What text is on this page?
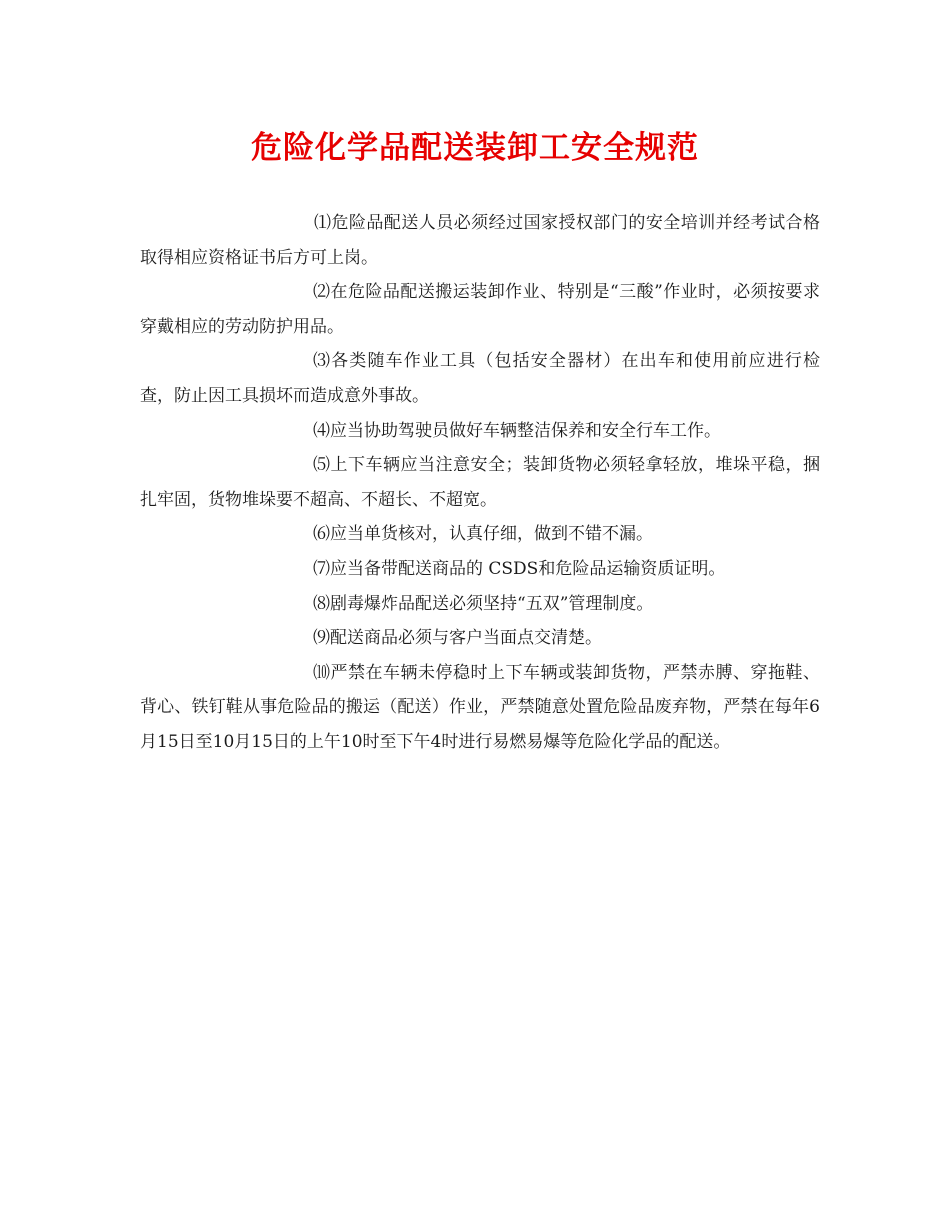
危险化学品配送装卸工安全规范

⑴危险品配送人员必须经过国家授权部门的安全培训并经考试合格取得相应资格证书后方可上岗。

⑵在危险品配送搬运装卸作业、特别是“三酸”作业时，必须按要求穿戴相应的劳动防护用品。

⑶各类随车作业工具（包括安全器材）在出车和使用前应进行检查，防止因工具损坏而造成意外事故。

⑷应当协助驾驶员做好车辆整洁保养和安全行车工作。

⑸上下车辆应当注意安全；装卸货物必须轻拿轻放，堆垛平稳，捆扎牢固，货物堆垛要不超高、不超长、不超宽。

⑹应当单货核对，认真仔细，做到不错不漏。

⑺应当备带配送商品的 CSDS和危险品运输资质证明。

⑻剧毒爆炸品配送必须坚持“五双”管理制度。

⑼配送商品必须与客户当面点交清楚。

⑽严禁在车辆未停稳时上下车辆或装卸货物，严禁赤膊、穿拖鞋、背心、铁钉鞋从事危险品的搬运（配送）作业，严禁随意处置危险品废弃物，严禁在每年6月15日至10月15日的上午10时至下午4时进行易燃易爆等危险化学品的配送。
